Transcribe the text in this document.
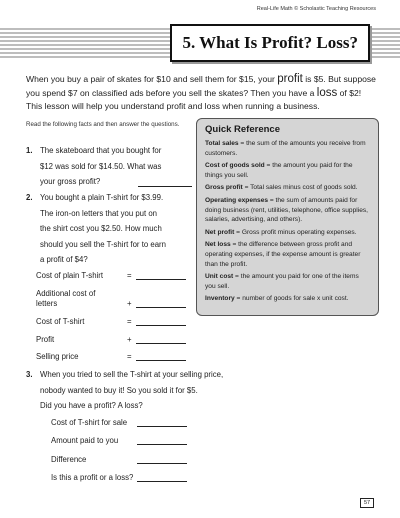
Real-Life Math © Scholastic Teaching Resources
5. What Is Profit? Loss?
When you buy a pair of skates for $10 and sell them for $15, your profit is $5. But suppose you spend $7 on classified ads before you sell the skates? Then you have a loss of $2! This lesson will help you understand profit and loss when running a business.
Read the following facts and then answer the questions.	Quick Reference
Total sales = the sum of the amounts you receive from customers.
Cost of goods sold = the amount you paid for the things you sell.
Gross profit = Total sales minus cost of goods sold.
Operating expenses = the sum of amounts paid for doing business (rent, utilities, telephone, office supplies, salaries, advertising, and others).
Net profit = Gross profit minus operating expenses.
Net loss = the difference between gross profit and operating expenses, if the expense amount is greater than the profit.
Unit cost = the amount you paid for one of the items you sell.
Inventory = number of goods for sale x unit cost.
1. The skateboard that you bought for
$12 was sold for $14.50. What was
your gross profit?
2. You bought a plain T-shirt for $3.99.
The iron-on letters that you put on
the shirt cost you $2.50. How much
should you sell the T-shirt for to earn
a profit of $4?
Cost of plain T-shirt	=
Additional cost of
letters	+
Cost of T-shirt	=
Profit	+
Selling price	=
3. When you tried to sell the T-shirt at your selling price,
nobody wanted to buy it! So you sold it for $5.
Did you have a profit? A loss?
Cost of T-shirt for sale
Amount paid to you
Difference
Is this a profit or a loss?
57
